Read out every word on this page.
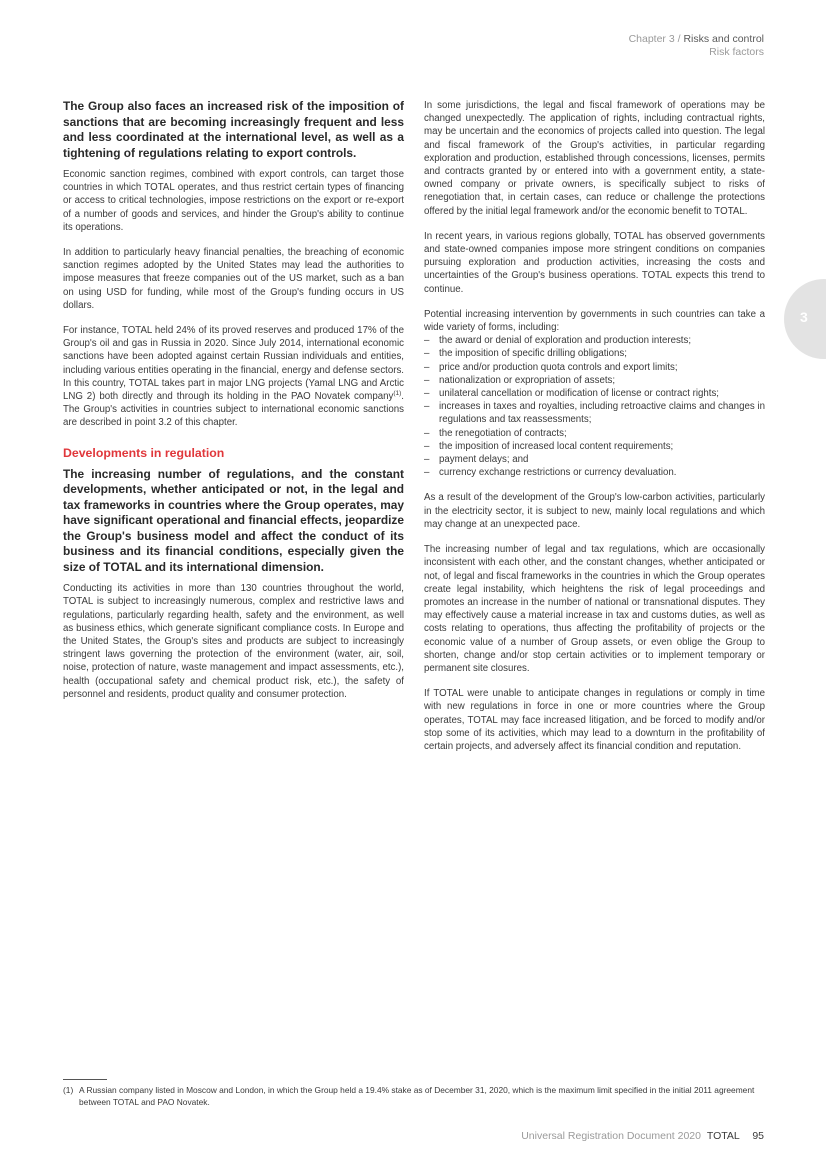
Chapter 3 / Risks and control
Risk factors
3

The Group also faces an increased risk of the imposition of sanctions that are becoming increasingly frequent and less and less coordinated at the international level, as well as a tightening of regulations relating to export controls.

Economic sanction regimes, combined with export controls, can target those countries in which TOTAL operates, and thus restrict certain types of financing or access to critical technologies, impose restrictions on the export or re-export of a number of goods and services, and hinder the Group's ability to continue its operations.

In addition to particularly heavy financial penalties, the breaching of economic sanction regimes adopted by the United States may lead the authorities to impose measures that freeze companies out of the US market, such as a ban on using USD for funding, while most of the Group's funding occurs in US dollars.

For instance, TOTAL held 24% of its proved reserves and produced 17% of the Group's oil and gas in Russia in 2020. Since July 2014, international economic sanctions have been adopted against certain Russian individuals and entities, including various entities operating in the financial, energy and defense sectors. In this country, TOTAL takes part in major LNG projects (Yamal LNG and Arctic LNG 2) both directly and through its holding in the PAO Novatek company$^{(1)}$. The Group's activities in countries subject to international economic sanctions are described in point 3.2 of this chapter.

Developments in regulation

The increasing number of regulations, and the constant developments, whether anticipated or not, in the legal and tax frameworks in countries where the Group operates, may have significant operational and financial effects, jeopardize the Group's business model and affect the conduct of its business and its financial conditions, especially given the size of TOTAL and its international dimension.

Conducting its activities in more than 130 countries throughout the world, TOTAL is subject to increasingly numerous, complex and restrictive laws and regulations, particularly regarding health, safety and the environment, as well as business ethics, which generate significant compliance costs. In Europe and the United States, the Group's sites and products are subject to increasingly stringent laws governing the protection of the environment (water, air, soil, noise, protection of nature, waste management and impact assessments, etc.), health (occupational safety and chemical product risk, etc.), the safety of personnel and residents, product quality and consumer protection.

In some jurisdictions, the legal and fiscal framework of operations may be changed unexpectedly. The application of rights, including contractual rights, may be uncertain and the economics of projects called into question. The legal and fiscal framework of the Group's activities, in particular regarding exploration and production, established through concessions, licenses, permits and contracts granted by or entered into with a government entity, a state-owned company or private owners, is specifically subject to risks of renegotiation that, in certain cases, can reduce or challenge the protections offered by the initial legal framework and/or the economic benefit to TOTAL.

In recent years, in various regions globally, TOTAL has observed governments and state-owned companies impose more stringent conditions on companies pursuing exploration and production activities, increasing the costs and uncertainties of the Group's business operations. TOTAL expects this trend to continue.

Potential increasing intervention by governments in such countries can take a wide variety of forms, including:

– the award or denial of exploration and production interests;
– the imposition of specific drilling obligations;
– price and/or production quota controls and export limits;
– nationalization or expropriation of assets;
– unilateral cancellation or modification of license or contract rights;
– increases in taxes and royalties, including retroactive claims and changes in regulations and tax reassessments;
– the renegotiation of contracts;
– the imposition of increased local content requirements;
– payment delays; and
– currency exchange restrictions or currency devaluation.

As a result of the development of the Group's low-carbon activities, particularly in the electricity sector, it is subject to new, mainly local regulations and which may change at an unexpected pace.

The increasing number of legal and tax regulations, which are occasionally inconsistent with each other, and the constant changes, whether anticipated or not, of legal and fiscal frameworks in the countries in which the Group operates create legal instability, which heightens the risk of legal proceedings and promotes an increase in the number of national or transnational disputes. They may effectively cause a material increase in tax and customs duties, as well as costs relating to operations, thus affecting the profitability of projects or the economic value of a number of Group assets, or even oblige the Group to shorten, change and/or stop certain activities or to implement temporary or permanent site closures.

If TOTAL were unable to anticipate changes in regulations or comply in time with new regulations in force in one or more countries where the Group operates, TOTAL may face increased litigation, and be forced to modify and/or stop some of its activities, which may lead to a downturn in the profitability of certain projects, and adversely affect its financial condition and reputation.

(1) A Russian company listed in Moscow and London, in which the Group held a 19.4% stake as of December 31, 2020, which is the maximum limit specified in the initial 2011 agreement between TOTAL and PAO Novatek.
Universal Registration Document 2020 TOTAL 95
